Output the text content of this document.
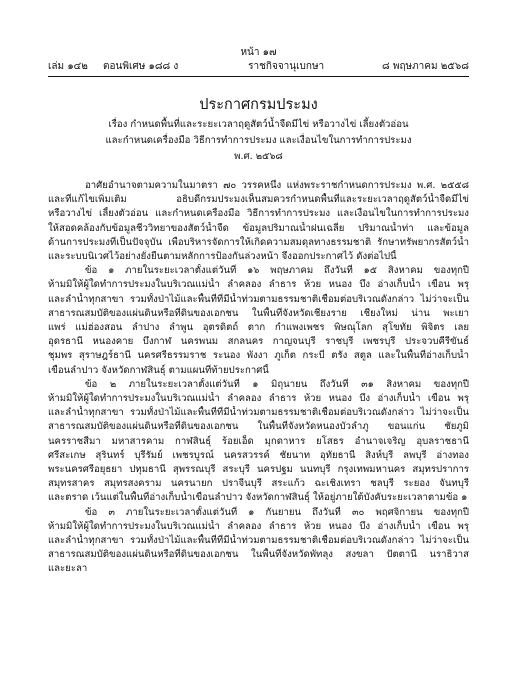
หน้า ๑๗
เล่ม ๑๔๒ ตอนพิเศษ ๑๘๘ ง	ราชกิจจานุเบกษา	๘ พฤษภาคม ๒๕๖๘
ประกาศกรมประมง
เรื่อง กำหนดพื้นที่และระยะเวลาฤดูสัตว์น้ำจืดมีไข่ หรือวางไข่ เลี้ยงตัวอ่อน
และกำหนดเครื่องมือ วิธีการทำการประมง และเงื่อนไขในการทำการประมง
พ.ศ. ๒๕๖๘

อาศัยอำนาจตามความในมาตรา ๗๐ วรรคหนึ่ง แห่งพระราชกำหนดการประมง พ.ศ. ๒๕๕๘

และที่แก้ไขเพิ่มเติม อธิบดีกรมประมงเห็นสมควรกำหนดพื้นที่และระยะเวลาฤดูสัตว์น้ำจืดมีไข่

หรือวางไข่ เลี้ยงตัวอ่อน และกำหนดเครื่องมือ วิธีการทำการประมง และเงื่อนไขในการทำการประมง

ให้สอดคล้องกับข้อมูลชีววิทยาของสัตว์น้ำจืด ข้อมูลปริมาณน้ำฝนเฉลี่ย ปริมาณน้ำท่า และข้อมูล

ด้านการประมงที่เป็นปัจจุบัน เพื่อบริหารจัดการให้เกิดความสมดุลทางธรรมชาติ รักษาทรัพยากรสัตว์น้ำ

และระบบนิเวศไว้อย่างยั่งยืนตามหลักการป้องกันล่วงหน้า จึงออกประกาศไว้ ดังต่อไปนี้

ข้อ ๑ ภายในระยะเวลาตั้งแต่วันที่ ๑๖ พฤษภาคม ถึงวันที่ ๑๕ สิงหาคม ของทุกปี

ห้ามมิให้ผู้ใดทำการประมงในบริเวณแม่น้ำ ลำคลอง ลำธาร ห้วย หนอง บึง อ่างเก็บน้ำ เขื่อน พรุ

และลำน้ำทุกสาขา รวมทั้งป่าไม้และพื้นที่ที่มีน้ำท่วมตามธรรมชาติเชื่อมต่อบริเวณดังกล่าว ไม่ว่าจะเป็น

สาธารณสมบัติของแผ่นดินหรือที่ดินของเอกชน ในพื้นที่จังหวัดเชียงราย เชียงใหม่ น่าน พะเยา

แพร่ แม่ฮ่องสอน ลำปาง ลำพูน อุตรดิตถ์ ตาก กำแพงเพชร พิษณุโลก สุโขทัย พิจิตร เลย

อุดรธานี หนองคาย บึงกาฬ นครพนม สกลนคร กาญจนบุรี ราชบุรี เพชรบุรี ประจวบคีรีขันธ์

ชุมพร สุราษฎร์ธานี นครศรีธรรมราช ระนอง พังงา ภูเก็ต กระบี่ ตรัง สตูล และในพื้นที่อ่างเก็บน้ำ

เขื่อนลำปาว จังหวัดกาฬสินธุ์ ตามแผนที่ท้ายประกาศนี้

ข้อ ๒ ภายในระยะเวลาตั้งแต่วันที่ ๑ มิถุนายน ถึงวันที่ ๓๑ สิงหาคม ของทุกปี

ห้ามมิให้ผู้ใดทำการประมงในบริเวณแม่น้ำ ลำคลอง ลำธาร ห้วย หนอง บึง อ่างเก็บน้ำ เขื่อน พรุ

และลำน้ำทุกสาขา รวมทั้งป่าไม้และพื้นที่ที่มีน้ำท่วมตามธรรมชาติเชื่อมต่อบริเวณดังกล่าว ไม่ว่าจะเป็น

สาธารณสมบัติของแผ่นดินหรือที่ดินของเอกชน ในพื้นที่จังหวัดหนองบัวลำภู ขอนแก่น ชัยภูมิ

นครราชสีมา มหาสารคาม กาฬสินธุ์ ร้อยเอ็ด มุกดาหาร ยโสธร อำนาจเจริญ อุบลราชธานี

ศรีสะเกษ สุรินทร์ บุรีรัมย์ เพชรบูรณ์ นครสวรรค์ ชัยนาท อุทัยธานี สิงห์บุรี ลพบุรี อ่างทอง

พระนครศรีอยุธยา ปทุมธานี สุพรรณบุรี สระบุรี นครปฐม นนทบุรี กรุงเทพมหานคร สมุทรปราการ

สมุทรสาคร สมุทรสงคราม นครนายก ปราจีนบุรี สระแก้ว ฉะเชิงเทรา ชลบุรี ระยอง จันทบุรี

และตราด เว้นแต่ในพื้นที่อ่างเก็บน้ำเขื่อนลำปาว จังหวัดกาฬสินธุ์ ให้อยู่ภายใต้บังคับระยะเวลาตามข้อ ๑

ข้อ ๓ ภายในระยะเวลาตั้งแต่วันที่ ๑ กันยายน ถึงวันที่ ๓๐ พฤศจิกายน ของทุกปี

ห้ามมิให้ผู้ใดทำการประมงในบริเวณแม่น้ำ ลำคลอง ลำธาร ห้วย หนอง บึง อ่างเก็บน้ำ เขื่อน พรุ

และลำน้ำทุกสาขา รวมทั้งป่าไม้และพื้นที่ที่มีน้ำท่วมตามธรรมชาติเชื่อมต่อบริเวณดังกล่าว ไม่ว่าจะเป็น

สาธารณสมบัติของแผ่นดินหรือที่ดินของเอกชน ในพื้นที่จังหวัดพัทลุง สงขลา ปัตตานี นราธิวาส

และยะลา
